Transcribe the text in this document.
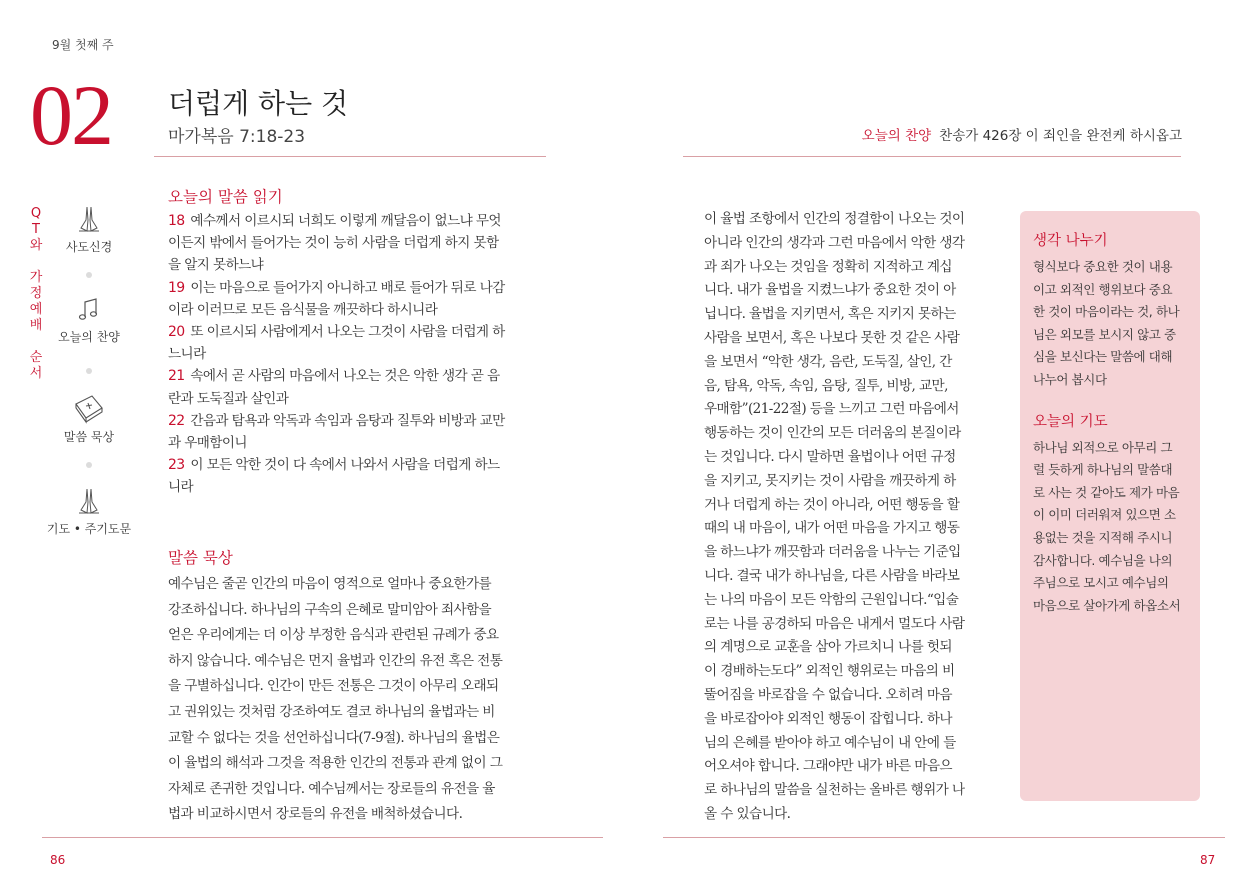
9월 첫째 주
02 더럽게 하는 것
마가복음 7:18-23	오늘의 찬양 찬송가 426장 이 죄인을 완전케 하시옵고
Q
T
와

가
정
예
배

순
서
사도신경
오늘의 찬양
말씀 묵상
기도 • 주기도문
오늘의 말씀 읽기
18 예수께서 이르시되 너희도 이렇게 깨달음이 없느냐 무엇
이든지 밖에서 들어가는 것이 능히 사람을 더럽게 하지 못함
을 알지 못하느냐
19 이는 마음으로 들어가지 아니하고 배로 들어가 뒤로 나감
이라 이러므로 모든 음식물을 깨끗하다 하시니라
20 또 이르시되 사람에게서 나오는 그것이 사람을 더럽게 하
느니라
21 속에서 곧 사람의 마음에서 나오는 것은 악한 생각 곧 음
란과 도둑질과 살인과
22 간음과 탐욕과 악독과 속임과 음탕과 질투와 비방과 교만
과 우매함이니
23 이 모든 악한 것이 다 속에서 나와서 사람을 더럽게 하느
니라
말씀 묵상
예수님은 줄곧 인간의 마음이 영적으로 얼마나 중요한가를
강조하십니다. 하나님의 구속의 은혜로 말미암아 죄사함을
얻은 우리에게는 더 이상 부정한 음식과 관련된 규례가 중요
하지 않습니다. 예수님은 먼지 율법과 인간의 유전 혹은 전통
을 구별하십니다. 인간이 만든 전통은 그것이 아무리 오래되
고 권위있는 것처럼 강조하여도 결코 하나님의 율법과는 비
교할 수 없다는 것을 선언하십니다(7-9절). 하나님의 율법은
이 율법의 해석과 그것을 적용한 인간의 전통과 관계 없이 그
자체로 존귀한 것입니다. 예수님께서는 장로들의 유전을 율
법과 비교하시면서 장로들의 유전을 배척하셨습니다.
이 율법 조항에서 인간의 정결함이 나오는 것이
아니라 인간의 생각과 그런 마음에서 악한 생각
과 죄가 나오는 것임을 정확히 지적하고 계십
니다. 내가 율법을 지켰느냐가 중요한 것이 아
닙니다. 율법을 지키면서, 혹은 지키지 못하는
사람을 보면서, 혹은 나보다 못한 것 같은 사람
을 보면서 “악한 생각, 음란, 도둑질, 살인, 간
음, 탐욕, 악독, 속임, 음탕, 질투, 비방, 교만,
우매함”(21-22절) 등을 느끼고 그런 마음에서
행동하는 것이 인간의 모든 더러움의 본질이라
는 것입니다. 다시 말하면 율법이나 어떤 규정
을 지키고, 못지키는 것이 사람을 깨끗하게 하
거나 더럽게 하는 것이 아니라, 어떤 행동을 할
때의 내 마음이, 내가 어떤 마음을 가지고 행동
을 하느냐가 깨끗함과 더러움을 나누는 기준입
니다. 결국 내가 하나님을, 다른 사람을 바라보
는 나의 마음이 모든 악함의 근원입니다.“입술
로는 나를 공경하되 마음은 내게서 멀도다 사람
의 계명으로 교훈을 삼아 가르치니 나를 헛되
이 경배하는도다” 외적인 행위로는 마음의 비
뚤어짐을 바로잡을 수 없습니다. 오히려 마음
을 바로잡아야 외적인 행동이 잡힙니다. 하나
님의 은혜를 받아야 하고 예수님이 내 안에 들
어오셔야 합니다. 그래야만 내가 바른 마음으
로 하나님의 말씀을 실천하는 올바른 행위가 나
올 수 있습니다.
생각 나누기
형식보다 중요한 것이 내용
이고 외적인 행위보다 중요
한 것이 마음이라는 것, 하나
님은 외모를 보시지 않고 중
심을 보신다는 말씀에 대해
나누어 봅시다
오늘의 기도
하나님 외적으로 아무리 그
럴 듯하게 하나님의 말씀대
로 사는 것 같아도 제가 마음
이 이미 더러워져 있으면 소
용없는 것을 지적해 주시니
감사합니다. 예수님을 나의
주님으로 모시고 예수님의
마음으로 살아가게 하옵소서
86	87
